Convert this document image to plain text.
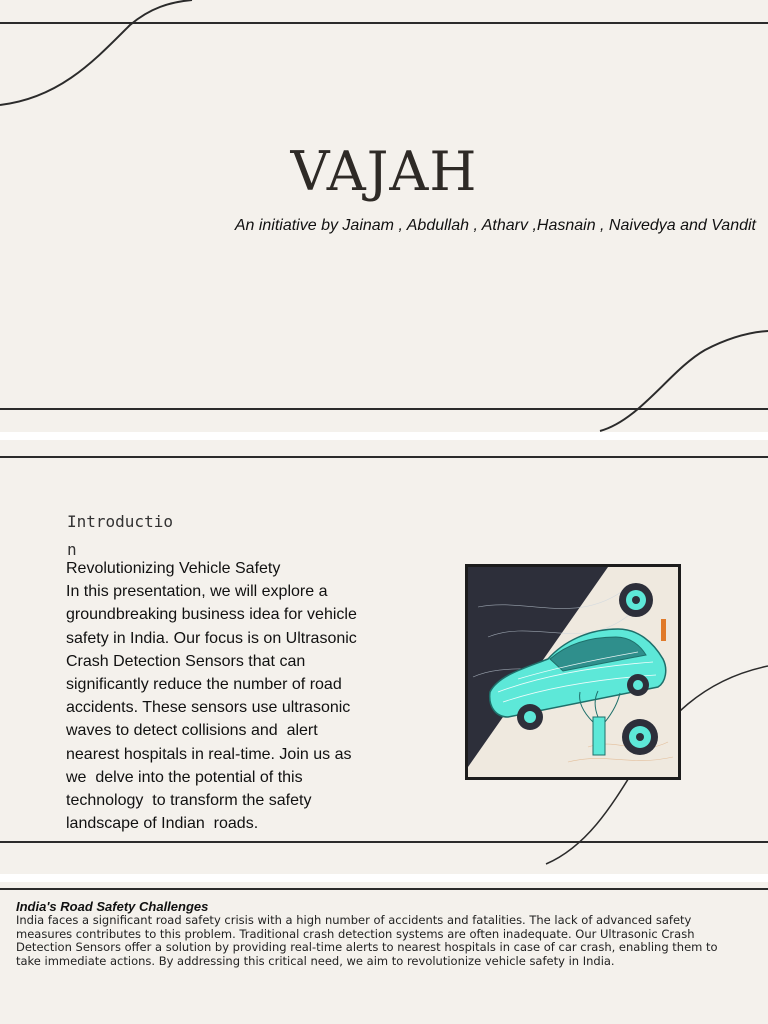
VAJAH
An initiative by Jainam , Abdullah , Atharv ,Hasnain , Naivedya and Vandit
Introduction
Revolutionizing Vehicle Safety
In this presentation, we will explore a
groundbreaking business idea for vehicle
safety in India. Our focus is on Ultrasonic
Crash Detection Sensors that can
significantly reduce the number of road
accidents. These sensors use ultrasonic
waves to detect collisions and  alert
nearest hospitals in real-time. Join us as
we  delve into the potential of this
technology  to transform the safety
landscape of Indian  roads.
India's Road Safety Challenges
India faces a significant road safety crisis with a high number of accidents and fatalities. The lack of advanced safety measures contributes to this problem. Traditional crash detection systems are often inadequate. Our Ultrasonic Crash Detection Sensors offer a solution by providing real-time alerts to nearest hospitals in case of car crash, enabling them to take immediate actions. By addressing this critical need, we aim to revolutionize vehicle safety in India.
